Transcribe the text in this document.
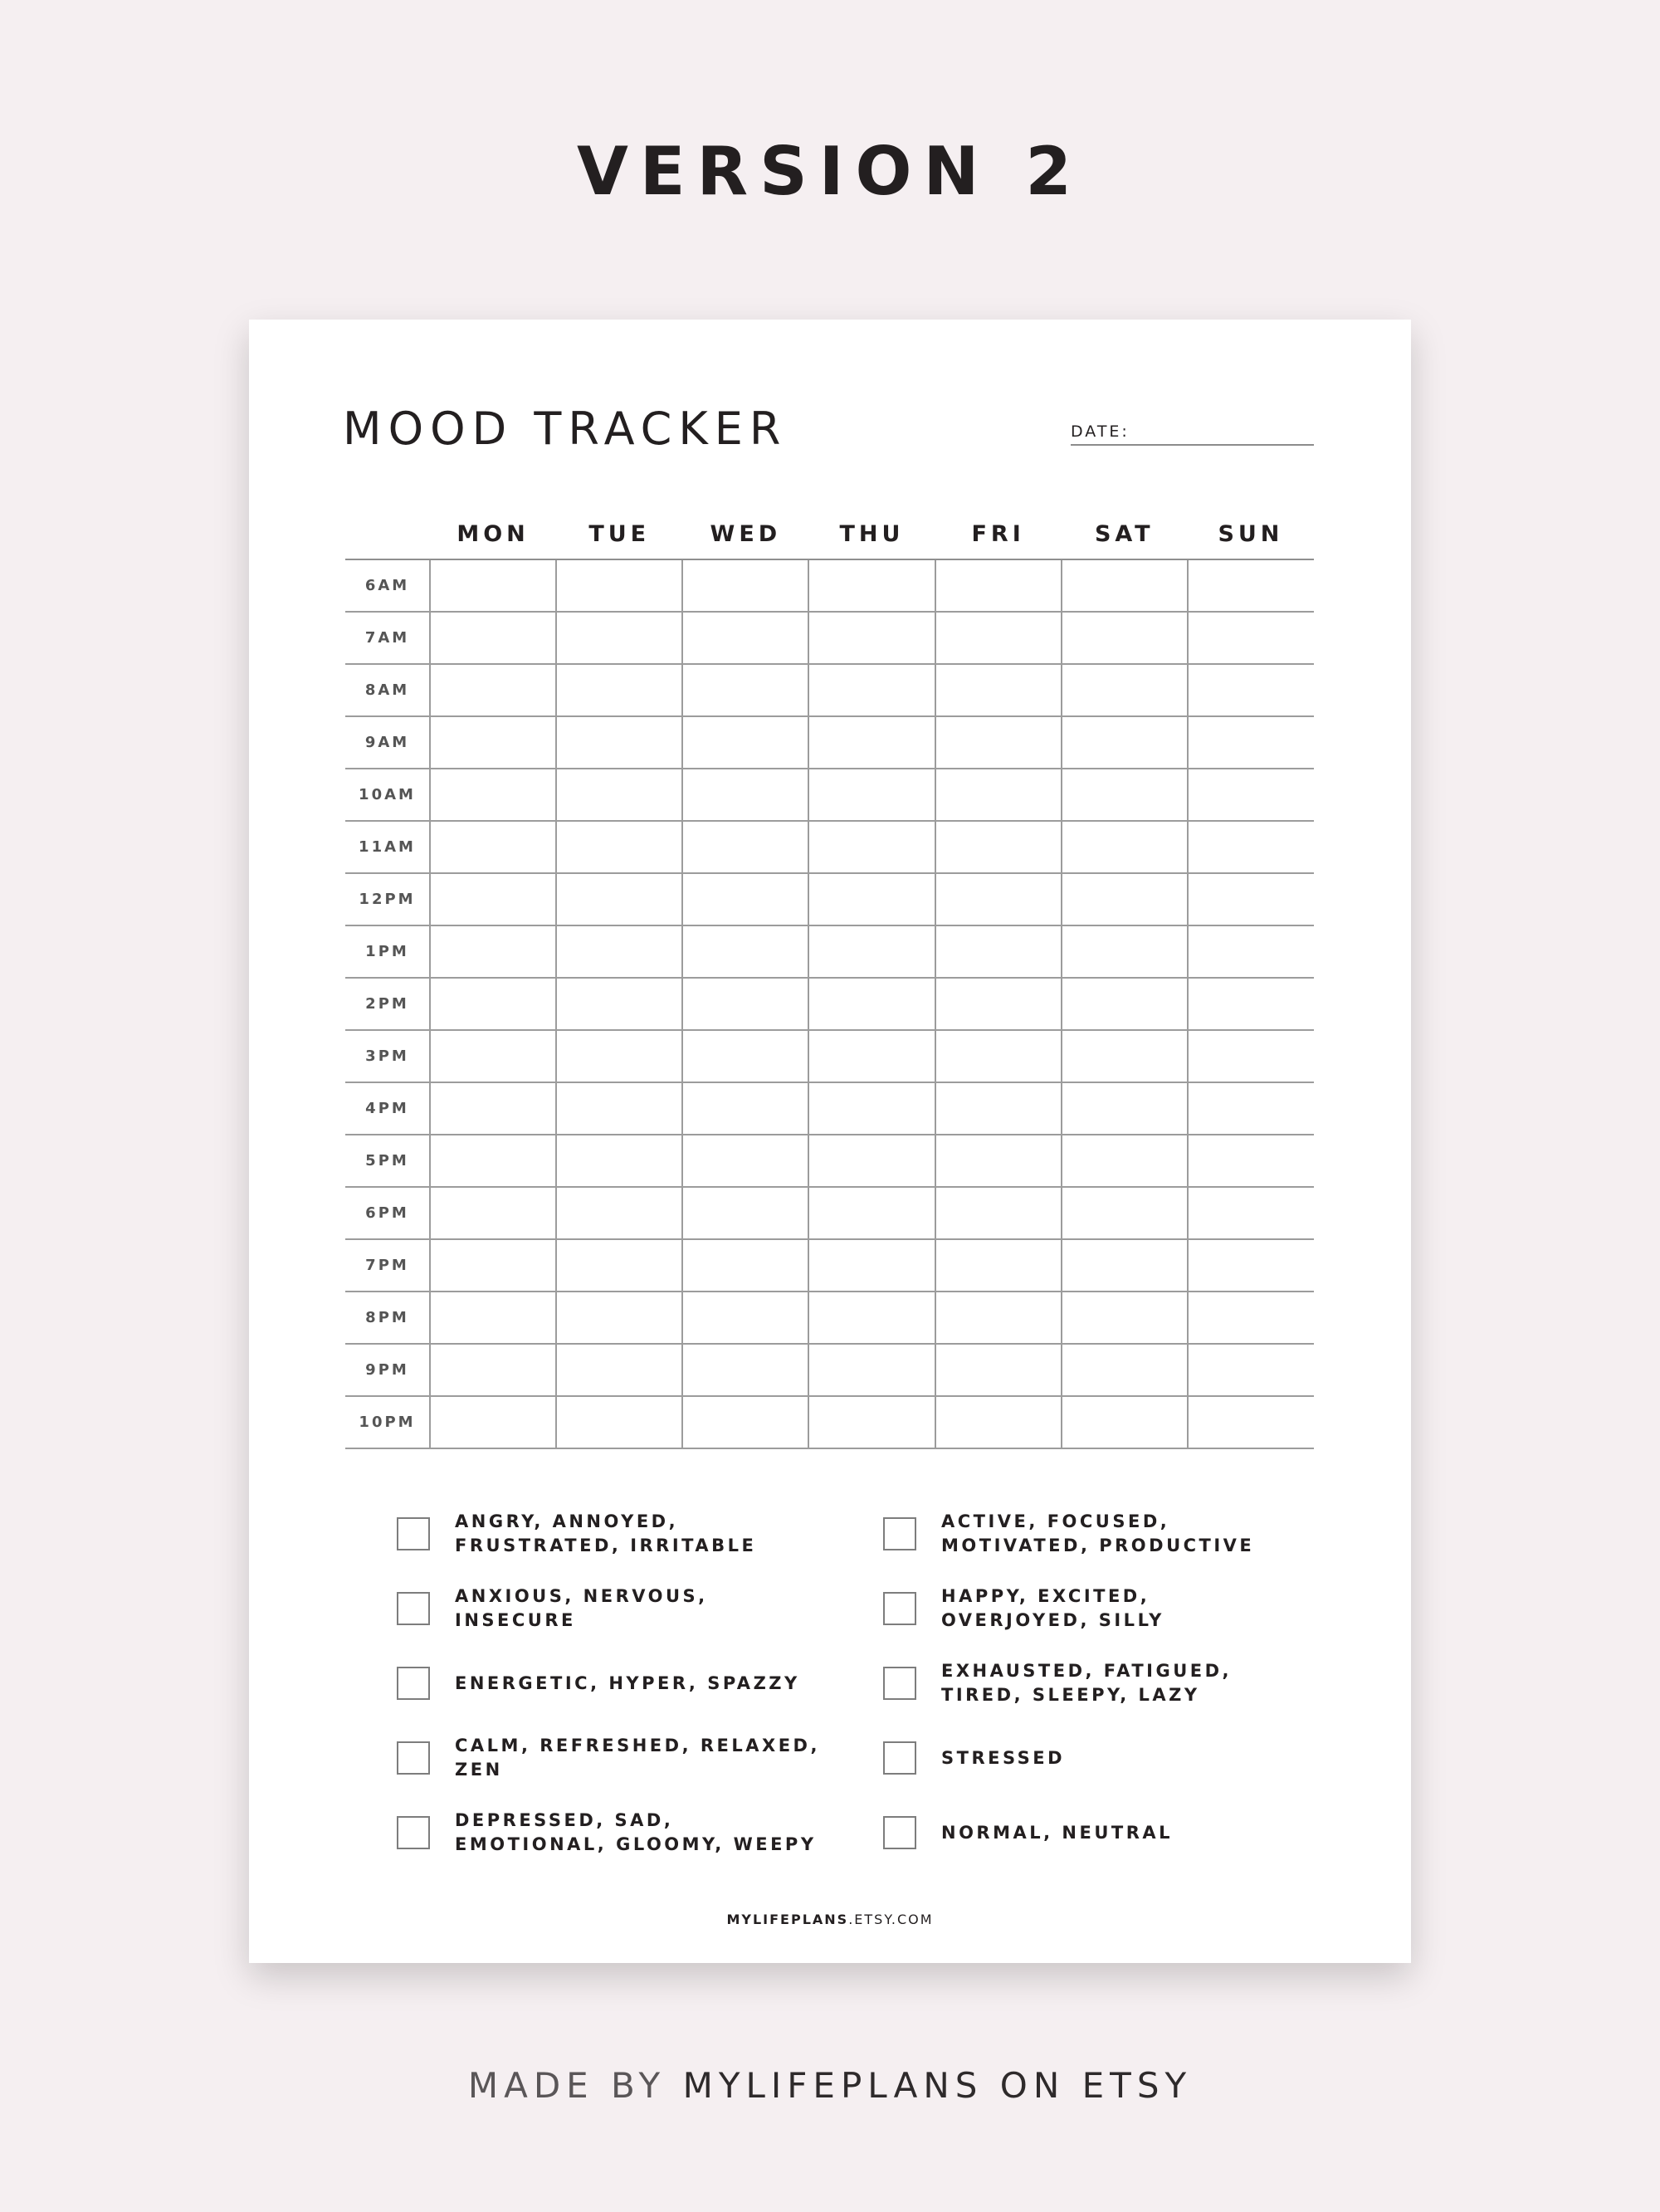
VERSION 2
MOOD TRACKER	DATE:
	MON	TUE	WED	THU	FRI	SAT	SUN
6AM							
7AM							
8AM							
9AM							
10AM							
11AM							
12PM							
1PM							
2PM							
3PM							
4PM							
5PM							
6PM							
7PM							
8PM							
9PM							
10PM							
ANGRY, ANNOYED, FRUSTRATED, IRRITABLE
ACTIVE, FOCUSED, MOTIVATED, PRODUCTIVE
ANXIOUS, NERVOUS, INSECURE
HAPPY, EXCITED, OVERJOYED, SILLY
ENERGETIC, HYPER, SPAZZY
EXHAUSTED, FATIGUED, TIRED, SLEEPY, LAZY
CALM, REFRESHED, RELAXED, ZEN
STRESSED
DEPRESSED, SAD, EMOTIONAL, GLOOMY, WEEPY
NORMAL, NEUTRAL
MYLIFEPLANS.ETSY.COM
MADE BY MYLIFEPLANS ON ETSY
